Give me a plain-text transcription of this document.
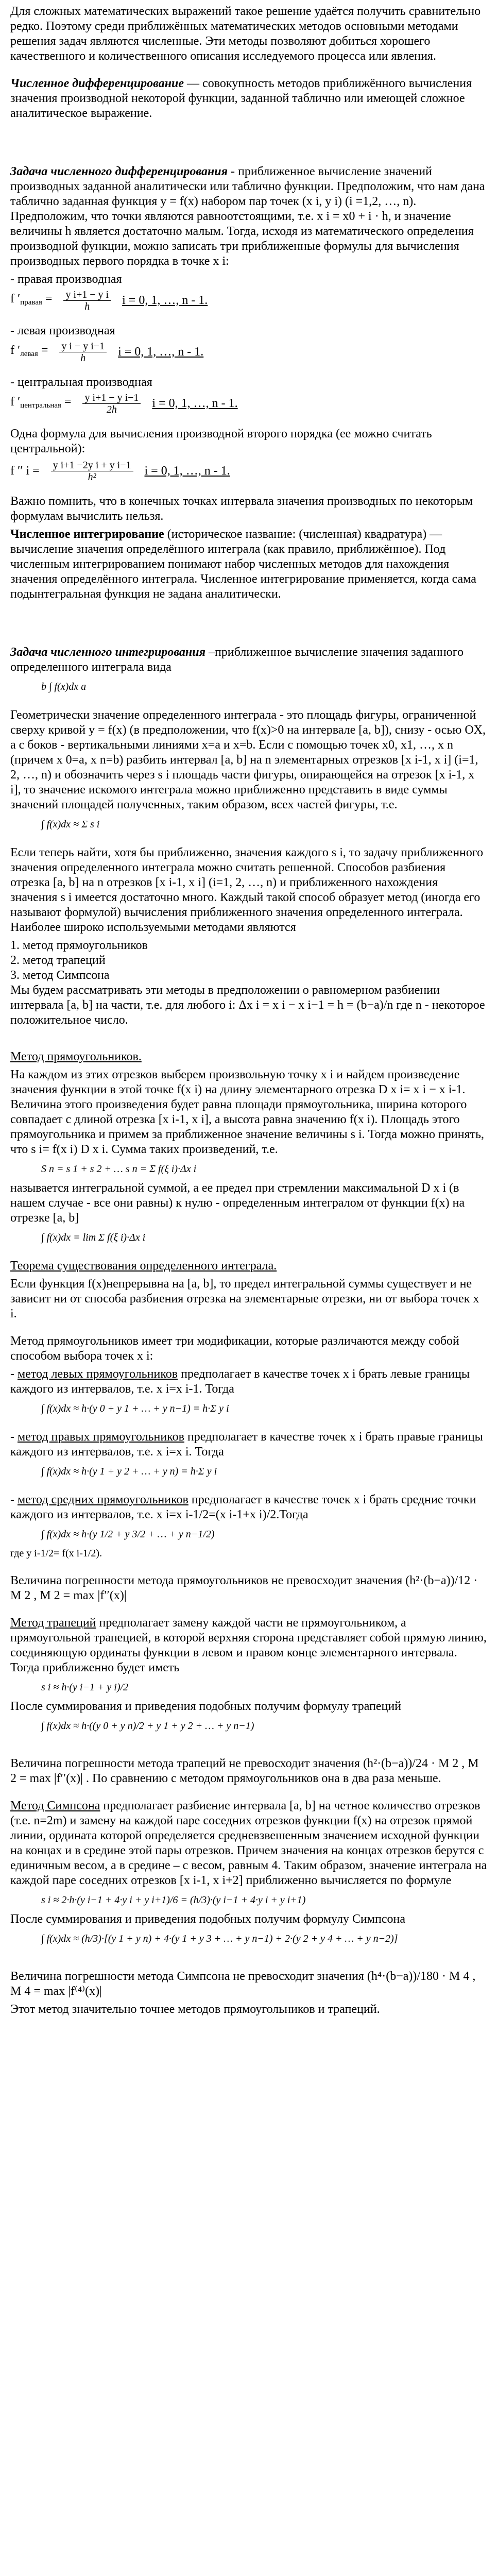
Для сложных математических выражений такое решение удаётся получить сравнительно редко. Поэтому среди приближённых математических методов основными методами решения задач являются численные. Эти методы позволяют добиться хорошего качественного и количественного описания исследуемого процесса или явления.

Численное дифференцирование — совокупность методов приближённого вычисления значения производной некоторой функции, заданной таблично или имеющей сложное аналитическое выражение.

Задача численного дифференцирования - приближенное вычисление значений производных заданной аналитически или таблично функции. Предположим, что нам дана таблично заданная функция y = f(x) набором пар точек (x i, y i) (i =1,2, …, n). Предположим, что точки являются равноотстоящими, т.е. x i = x0 + i · h, и значение величины h является достаточно малым. Тогда, исходя из математического определения производной функции, можно записать три приближенные формулы для вычисления производных первого порядка в точке x i:

- правая производная
f $'_{правая} = \frac{\text{y i+1 − y i}}{h}$ i = 0, 1, …, n - 1.
- левая производная
f $'_{левая} = \frac{\text{y i − y i−1}}{h}$ i = 0, 1, …, n - 1.
- центральная производная
f $'_{центральная} = \frac{\text{y i+1 − y i−1}}{2h}$ i = 0, 1, …, n - 1.

Одна формула для вычисления производной второго порядка (ее можно считать центральной):

f ′′ $i = \frac{\text{y i+1 −2y i + y i−1}}{\text{h²}}$ i = 0, 1, …, n - 1.

Важно помнить, что в конечных точках интервала значения производных по некоторым формулам вычислить нельзя.

Численное интегрирование (историческое название: (численная) квадратура) — вычисление значения определённого интеграла (как правило, приближённое). Под численным интегрированием понимают набор численных методов для нахождения значения определённого интеграла. Численное интегрирование применяется, когда сама подынтегральная функция не задана аналитически.

Задача численного интегрирования –приближенное вычисление значения заданного определенного интеграла вида

b ∫ f(x)dx a

Геометрически значение определенного интеграла - это площадь фигуры, ограниченной сверху кривой y = f(x) (в предположении, что f(x)>0 на интервале [a, b]), снизу - осью OX, а с боков - вертикальными линиями x=a и x=b. Если с помощью точек x0, x1, …, x n (причем x 0=a, x n=b) разбить интервал [a, b] на n элементарных отрезков [x i-1, x i] (i=1, 2, …, n) и обозначить через s i площадь части фигуры, опирающейся на отрезок [x i-1, x i], то значение искомого интеграла можно приближенно представить в виде суммы значений площадей полученных, таким образом, всех частей фигуры, т.е.

∫ f(x)dx ≈ Σ s i

Если теперь найти, хотя бы приближенно, значения каждого s i, то задачу приближенного значения определенного интеграла можно считать решенной. Способов разбиения отрезка [a, b] на n отрезков [x i-1, x i] (i=1, 2, …, n) и приближенного нахождения значения s i имеется достаточно много. Каждый такой способ образует метод (иногда его называют формулой) вычисления приближенного значения определенного интеграла. Наиболее широко используемыми методами являются

1. метод прямоугольников
2. метод трапеций
3. метод Симпсона

Мы будем рассматривать эти методы в предположении о равномерном разбиении интервала [a, b] на части, т.е. для любого i: Δx i = x i − x i−1 = h = (b−a)/n где n - некоторое положительное число.

Метод прямоугольников.

На каждом из этих отрезков выберем произвольную точку x i и найдем произведение значения функции в этой точке f(x i) на длину элементарного отрезка D x i= x i − x i-1. Величина этого произведения будет равна площади прямоугольника, ширина которого совпадает с длиной отрезка [x i-1, x i], а высота равна значению f(x i). Площадь этого прямоугольника и примем за приближенное значение величины s i. Тогда можно принять, что s i= f(x i) D x i. Сумма таких произведений, т.е.

S n = s 1 + s 2 + … s n = Σ f(ξ i)·Δx i

называется интегральной суммой, а ее предел при стремлении максимальной D x i (в нашем случае - все они равны) к нулю - определенным интегралом от функции f(x) на отрезке [a, b]

∫ f(x)dx = lim Σ f(ξ i)·Δx i

Теорема существования определенного интеграла.

Если функция f(x)непрерывна на [a, b], то предел интегральной суммы существует и не зависит ни от способа разбиения отрезка на элементарные отрезки, ни от выбора точек x i.

Метод прямоугольников имеет три модификации, которые различаются между собой способом выбора точек x i:

- метод левых прямоугольников предполагает в качестве точек x i брать левые границы каждого из интервалов, т.е. x i=x i-1. Тогда

∫ f(x)dx ≈ h·(y 0 + y 1 + … + y n−1) = h·Σ y i

- метод правых прямоугольников предполагает в качестве точек x i брать правые границы каждого из интервалов, т.е. x i=x i. Тогда

∫ f(x)dx ≈ h·(y 1 + y 2 + … + y n) = h·Σ y i

- метод средних прямоугольников предполагает в качестве точек x i брать средние точки каждого из интервалов, т.е. x i=x i-1/2=(x i-1+x i)/2.Тогда

∫ f(x)dx ≈ h·(y 1/2 + y 3/2 + … + y n−1/2)

где y i-1/2= f(x i-1/2).

Величина погрешности метода прямоугольников не превосходит значения (h²·(b−a))/12 · M 2 , M 2 = max |f′′(x)|

Метод трапеций предполагает замену каждой части не прямоугольником, а прямоугольной трапецией, в которой верхняя сторона представляет собой прямую линию, соединяющую ординаты функции в левом и правом конце элементарного интервала. Тогда приближенно будет иметь

s i ≈ h·(y i−1 + y i)/2

После суммирования и приведения подобных получим формулу трапеций

∫ f(x)dx ≈ h·((y 0 + y n)/2 + y 1 + y 2 + … + y n−1)

Величина погрешности метода трапеций не превосходит значения (h²·(b−a))/24 · M 2 , M 2 = max |f′′(x)| . По сравнению с методом прямоугольников она в два раза меньше.

Метод Симпсона предполагает разбиение интервала [a, b] на четное количество отрезков (т.е. n=2m) и замену на каждой паре соседних отрезков функции f(x) на отрезок прямой линии, ордината которой определяется средневзвешенным значением исходной функции на концах и в средине этой пары отрезков. Причем значения на концах отрезков берутся с единичным весом, а в средине – с весом, равным 4. Таким образом, значение интеграла на каждой паре соседних отрезков [x i-1, x i+2] приближенно вычисляется по формуле

s i ≈ 2·h·(y i−1 + 4·y i + y i+1)/6 = (h/3)·(y i−1 + 4·y i + y i+1)

После суммирования и приведения подобных получим формулу Симпсона

∫ f(x)dx ≈ (h/3)·[(y 1 + y n) + 4·(y 1 + y 3 + … + y n−1) + 2·(y 2 + y 4 + … + y n−2)]

Величина погрешности метода Симпсона не превосходит значения (h⁴·(b−a))/180 · M 4 , M 4 = max |f⁽⁴⁾(x)|

Этот метод значительно точнее методов прямоугольников и трапеций.
